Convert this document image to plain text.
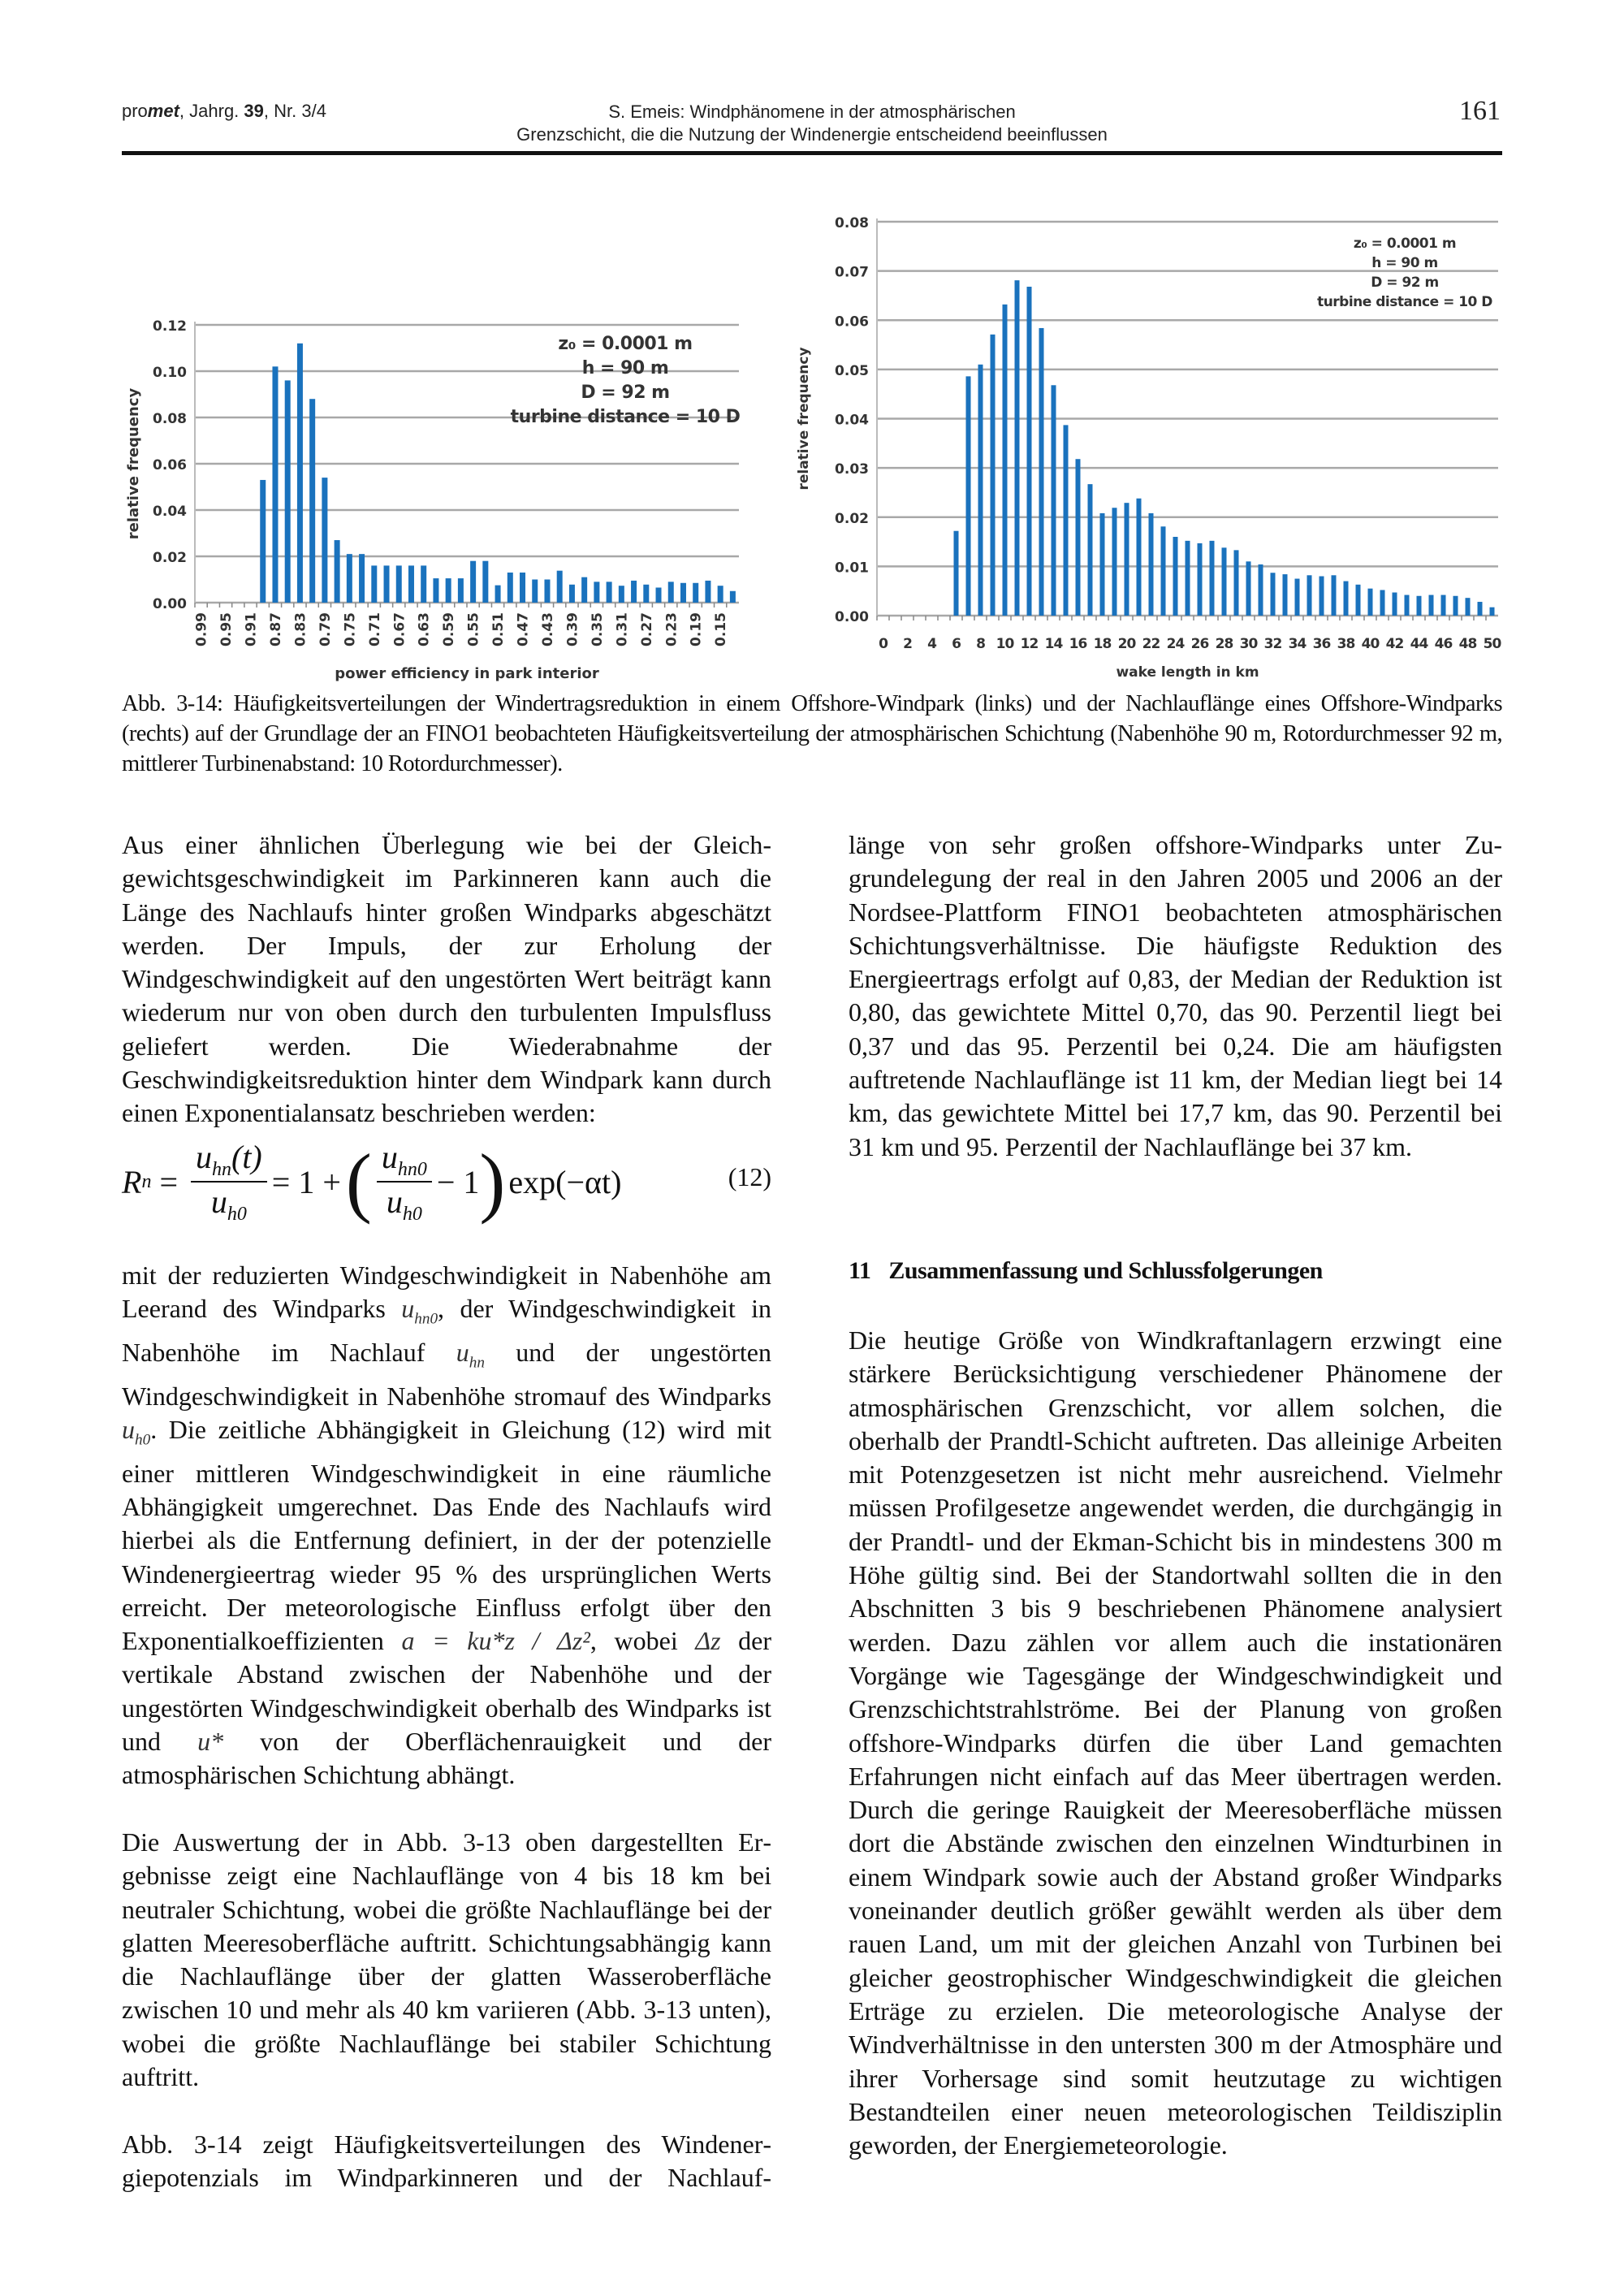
promet, Jahrg. 39, Nr. 3/4	S. Emeis: Windphänomene in der atmosphärischen
Grenzschicht, die die Nutzung der Windenergie entscheidend beeinflussen
161
0.00
0.02
0.04
0.06
0.08
0.10
0.12
0.99 0.95 0.91 0.87 0.83 0.79 0.75 0.71 0.67 0.63 0.59 0.55 0.51 0.47 0.43 0.39 0.35 0.31 0.27 0.23 0.19 0.15
power efficiency in park interior
relative frequency
z₀ = 0.0001 m
h = 90 m
D = 92 m
turbine distance = 10 D
0.00
0.01
0.02
0.03
0.04
0.05
0.06
0.07
0.08
0 2 4 6 8 10 12 14 16 18 20 22 24 26 28 30 32 34 36 38 40 42 44 46 48 50
wake length in km
relative frequency
z₀ = 0.0001 m
h = 90 m
D = 92 m
turbine distance = 10 D
Abb. 3-14: Häufigkeitsverteilungen der Windertragsreduktion in einem Offshore-Windpark (links) und der Nachlauflänge eines Offshore-Windparks (rechts) auf der Grundlage der an FINO1 beobachteten Häufigkeitsverteilung der atmosphärischen Schichtung (Nabenhöhe 90 m, Rotordurchmesser 92 m, mittlerer Turbinenabstand: 10 Rotordurchmesser).

Aus einer ähnlichen Überlegung wie bei der Gleichgewichtsgeschwindigkeit im Parkinneren kann auch die Länge des Nachlaufs hinter großen Windparks abgeschätzt werden. Der Impuls, der zur Erholung der Windgeschwindigkeit auf den ungestörten Wert beiträgt kann wiederum nur von oben durch den turbulenten Impulsfluss geliefert werden. Die Wiederabnahme der Geschwindigkeitsreduktion hinter dem Windpark kann durch einen Exponentialansatz beschrieben werden:

R $n = \frac{u_{hn}(t)}{u_{h0}} = 1$ + ( $\frac{u_{hn0}}{u_{h0}} - 1$ ) exp(−αt)	(12)

mit der reduzierten Windgeschwindigkeit in Nabenhöhe am Leerand des Windparks $u_{hn0}$, der Windgeschwindigkeit in Nabenhöhe im Nachlauf $u_{hn}$ und der ungestörten Windgeschwindigkeit in Nabenhöhe stromauf des Windparks $u_{h0}$. Die zeitliche Abhängigkeit in Gleichung (12) wird mit einer mittleren Windgeschwindigkeit in eine räumliche Abhängigkeit umgerechnet. Das Ende des Nachlaufs wird hierbei als die Entfernung definiert, in der der potenzielle Windenergieertrag wieder 95 % des ursprünglichen Werts erreicht. Der meteorologische Einfluss erfolgt über den Exponentialkoeffizienten a = ku*z / Δz², wobei Δz der vertikale Abstand zwischen der Nabenhöhe und der ungestörten Windgeschwindigkeit oberhalb des Windparks ist und u* von der Oberflächenrauigkeit und der atmosphärischen Schichtung abhängt.

Die Auswertung der in Abb. 3-13 oben dargestellten Ergebnisse zeigt eine Nachlauflänge von 4 bis 18 km bei neutraler Schichtung, wobei die größte Nachlauflänge bei der glatten Meeresoberfläche auftritt. Schichtungsabhängig kann die Nachlauflänge über der glatten Wasseroberfläche zwischen 10 und mehr als 40 km variieren (Abb. 3-13 unten), wobei die größte Nachlauflänge bei stabiler Schichtung auftritt.

Abb. 3-14 zeigt Häufigkeitsverteilungen des Windenergiepotenzials im Windparkinneren und der Nachlauf-

länge von sehr großen offshore-Windparks unter Zugrundelegung der real in den Jahren 2005 und 2006 an der Nordsee-Plattform FINO1 beobachteten atmosphärischen Schichtungsverhältnisse. Die häufigste Reduktion des Energieertrags erfolgt auf 0,83, der Median der Reduktion ist 0,80, das gewichtete Mittel 0,70, das 90. Perzentil liegt bei 0,37 und das 95. Perzentil bei 0,24. Die am häufigsten auftretende Nachlauflänge ist 11 km, der Median liegt bei 14 km, das gewichtete Mittel bei 17,7 km, das 90. Perzentil bei 31 km und 95. Perzentil der Nachlauflänge bei 37 km.

11 Zusammenfassung und Schlussfolgerungen

Die heutige Größe von Windkraftanlagern erzwingt eine stärkere Berücksichtigung verschiedener Phänomene der atmosphärischen Grenzschicht, vor allem solchen, die oberhalb der Prandtl-Schicht auftreten. Das alleinige Arbeiten mit Potenzgesetzen ist nicht mehr ausreichend. Vielmehr müssen Profilgesetze angewendet werden, die durchgängig in der Prandtl- und der Ekman-Schicht bis in mindestens 300 m Höhe gültig sind. Bei der Standortwahl sollten die in den Abschnitten 3 bis 9 beschriebenen Phänomene analysiert werden. Dazu zählen vor allem auch die instationären Vorgänge wie Tagesgänge der Windgeschwindigkeit und Grenzschichtstrahlströme. Bei der Planung von großen offshore-Windparks dürfen die über Land gemachten Erfahrungen nicht einfach auf das Meer übertragen werden. Durch die geringe Rauigkeit der Meeresoberfläche müssen dort die Abstände zwischen den einzelnen Windturbinen in einem Windpark sowie auch der Abstand großer Windparks voneinander deutlich größer gewählt werden als über dem rauen Land, um mit der gleichen Anzahl von Turbinen bei gleicher geostrophischer Windgeschwindigkeit die gleichen Erträge zu erzielen. Die meteorologische Analyse der Windverhältnisse in den untersten 300 m der Atmosphäre und ihrer Vorhersage sind somit heutzutage zu wichtigen Bestandteilen einer neuen meteorologischen Teildisziplin geworden, der Energiemeteorologie.
